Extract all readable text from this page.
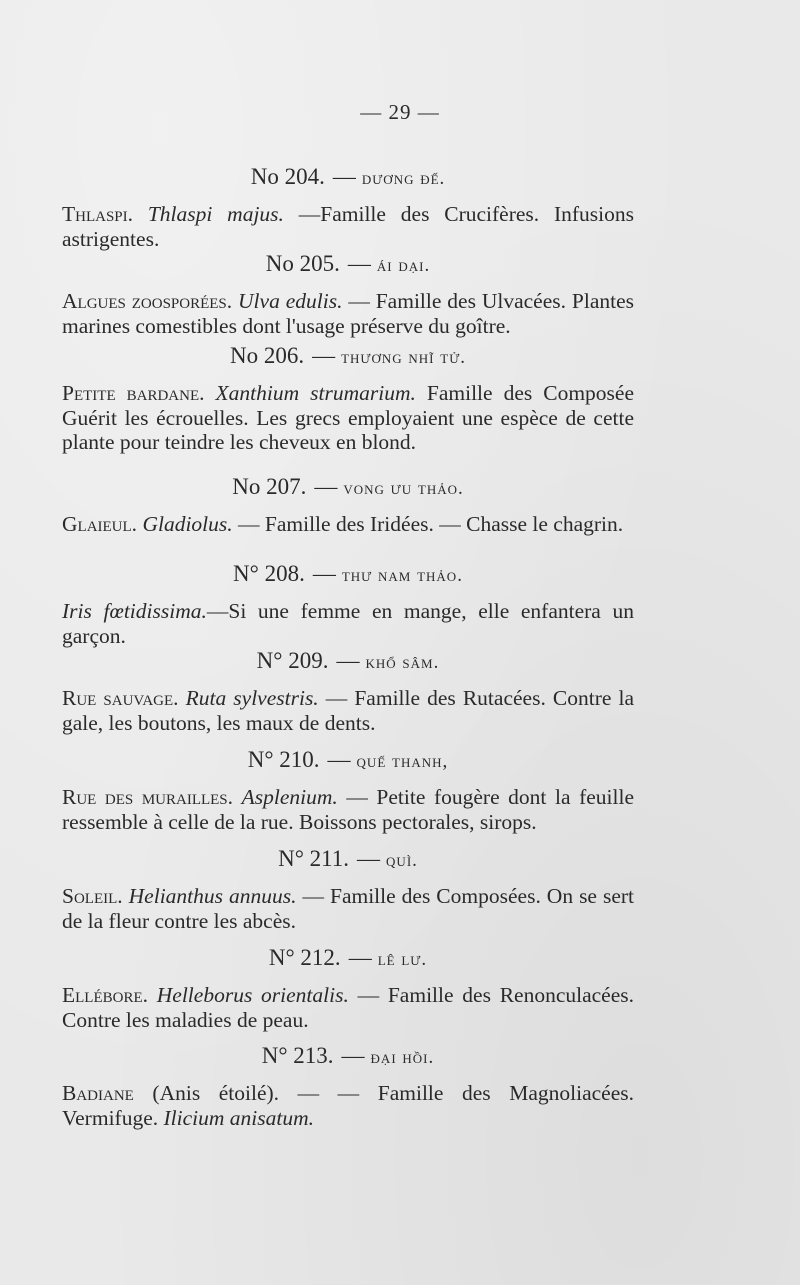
— 29 —
No 204. — dương đế.
Thlaspi. Thlaspi majus. —Famille des Crucifères. Infusions astrigentes.
No 205. — ái dại.
Algues zoosporées. Ulva edulis. — Famille des Ulvacées. Plantes marines comestibles dont l'usage préserve du goître.
No 206. — thương nhĩ tử.
Petite bardane. Xanthium strumarium. Famille des Composée Guérit les écrouelles. Les grecs employaient une espèce de cette plante pour teindre les cheveux en blond.
No 207. — vong ưu thảo.
Glaieul. Gladiolus. — Famille des Iridées. — Chasse le chagrin.
N° 208. — thư nam thảo.
Iris fœtidissima.—Si une femme en mange, elle enfantera un garçon.
N° 209. — khổ sâm.
Rue sauvage. Ruta sylvestris. — Famille des Rutacées. Contre la gale, les boutons, les maux de dents.
N° 210. — quế thanh,
Rue des murailles. Asplenium. — Petite fougère dont la feuille ressemble à celle de la rue. Boissons pectorales, sirops.
N° 211. — quì.
Soleil. Helianthus annuus. — Famille des Composées. On se sert de la fleur contre les abcès.
N° 212. — lê lư.
Ellébore. Helleborus orientalis. — Famille des Renonculacées. Contre les maladies de peau.
N° 213. — đại hồi.
Badiane (Anis étoilé). — — Famille des Magnoliacées. Vermifuge. Ilicium anisatum.
